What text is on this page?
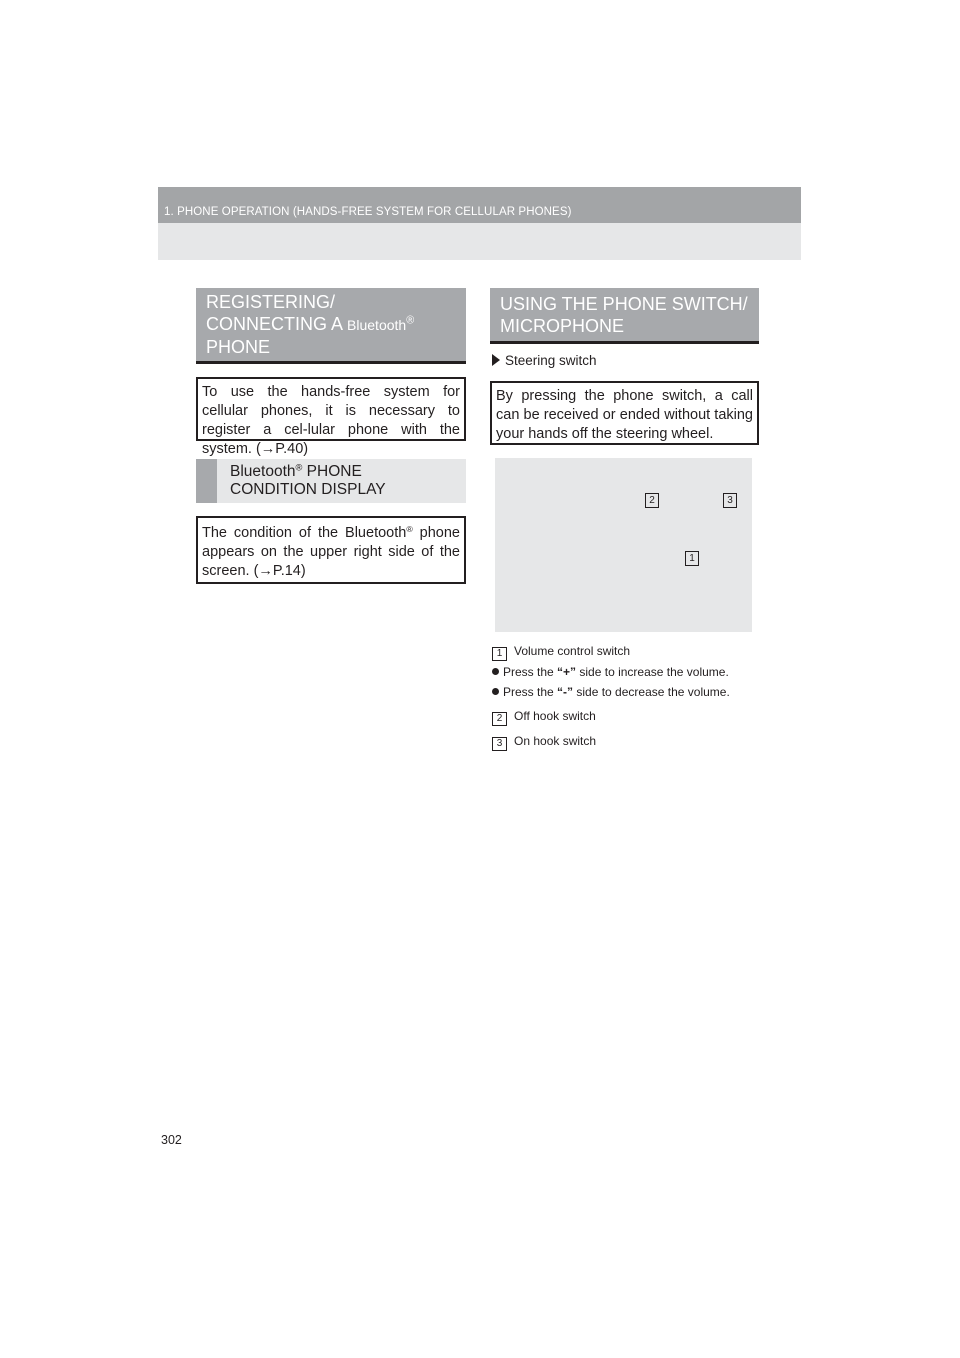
1. PHONE OPERATION (HANDS-FREE SYSTEM FOR CELLULAR PHONES)
REGISTERING/
CONNECTING A Bluetooth®
PHONE
To use the hands-free system for cellular phones, it is necessary to register a cel-lular phone with the system. (→P.40)
Bluetooth® PHONE
CONDITION DISPLAY
The condition of the Bluetooth® phone appears on the upper right side of the screen. (→P.14)
USING THE PHONE SWITCH/
MICROPHONE
Steering switch
By pressing the phone switch, a call can be received or ended without taking your hands off the steering wheel.
2	3
1
1 Volume control switch
Press the “+” side to increase the volume.
Press the “-” side to decrease the volume.
2 Off hook switch
3 On hook switch
302
